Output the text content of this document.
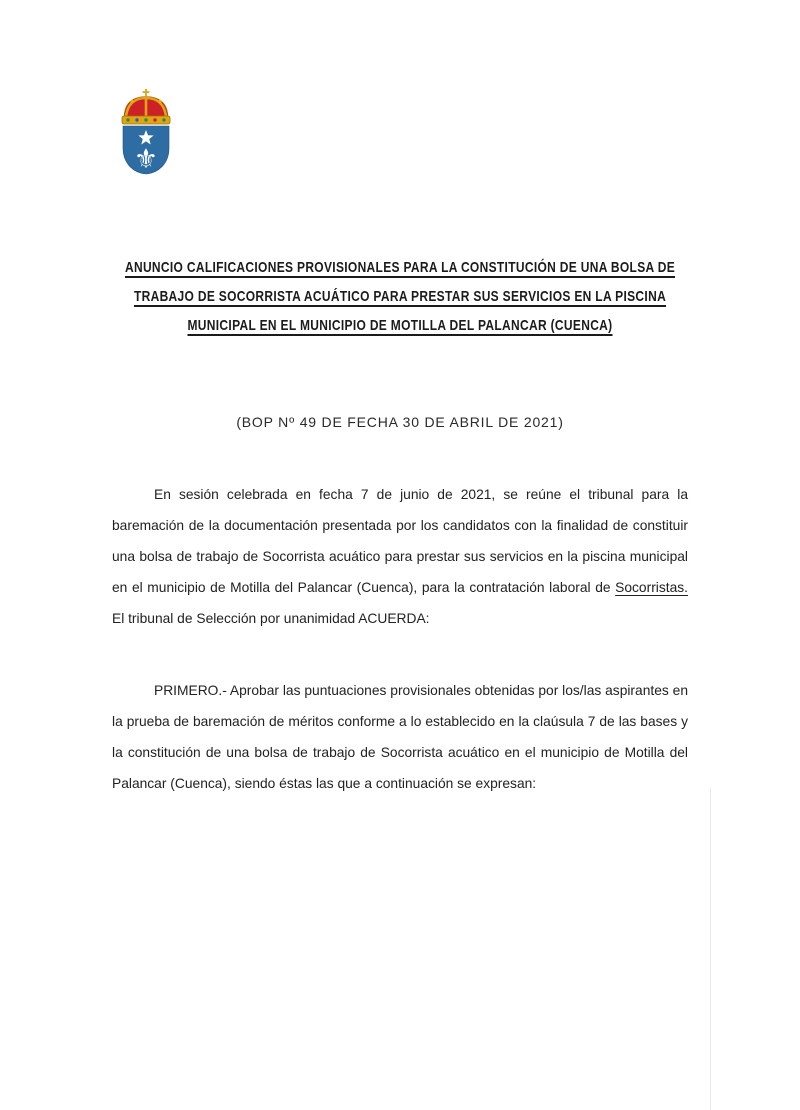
⚜
ANUNCIO CALIFICACIONES PROVISIONALES PARA LA CONSTITUCIÓN DE UNA BOLSA DE
TRABAJO DE SOCORRISTA ACUÁTICO PARA PRESTAR SUS SERVICIOS EN LA PISCINA
MUNICIPAL EN EL MUNICIPIO DE MOTILLA DEL PALANCAR (CUENCA)
(BOP Nº 49 DE FECHA 30 DE ABRIL DE 2021)

En sesión celebrada en fecha 7 de junio de 2021, se reúne el tribunal para la baremación de la documentación presentada por los candidatos con la finalidad de constituir una bolsa de trabajo de Socorrista acuático para prestar sus servicios en la piscina municipal en el municipio de Motilla del Palancar (Cuenca), para la contratación laboral de Socorristas. El tribunal de Selección por unanimidad ACUERDA:

PRIMERO.- Aprobar las puntuaciones provisionales obtenidas por los/las aspirantes en la prueba de baremación de méritos conforme a lo establecido en la claúsula 7 de las bases y la constitución de una bolsa de trabajo de Socorrista acuático en el municipio de Motilla del Palancar (Cuenca), siendo éstas las que a continuación se expresan:
